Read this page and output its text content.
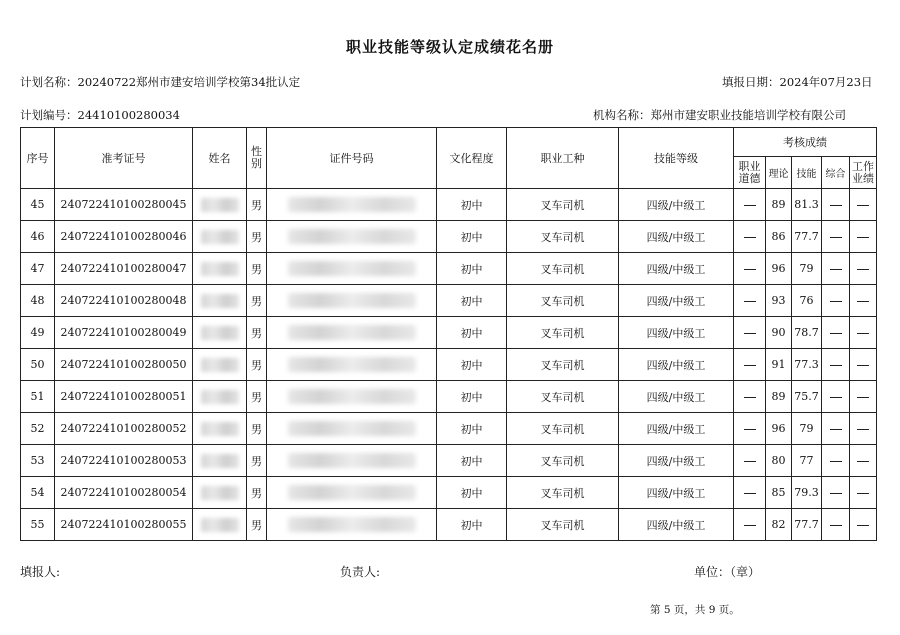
职业技能等级认定成绩花名册
计划名称：20240722郑州市建安培训学校第34批认定	填报日期：2024年07月23日
计划编号：24410100280034	机构名称：郑州市建安职业技能培训学校有限公司
序号	准考证号	姓名	性别	证件号码	文化程度	职业工种	技能等级	考核成绩				
								职业道德	理论	技能	综合	工作业绩
45	240722410100280045		男		初中	叉车司机	四级/中级工		89	81.3		
46	240722410100280046		男		初中	叉车司机	四级/中级工		86	77.7		
47	240722410100280047		男		初中	叉车司机	四级/中级工		96	79		
48	240722410100280048		男		初中	叉车司机	四级/中级工		93	76		
49	240722410100280049		男		初中	叉车司机	四级/中级工		90	78.7		
50	240722410100280050		男		初中	叉车司机	四级/中级工		91	77.3		
51	240722410100280051		男		初中	叉车司机	四级/中级工		89	75.7		
52	240722410100280052		男		初中	叉车司机	四级/中级工		96	79		
53	240722410100280053		男		初中	叉车司机	四级/中级工		80	77		
54	240722410100280054		男		初中	叉车司机	四级/中级工		85	79.3		
55	240722410100280055		男		初中	叉车司机	四级/中级工		82	77.7		
填报人:	负责人:	单位：（章）
第 5 页，共 9 页。
